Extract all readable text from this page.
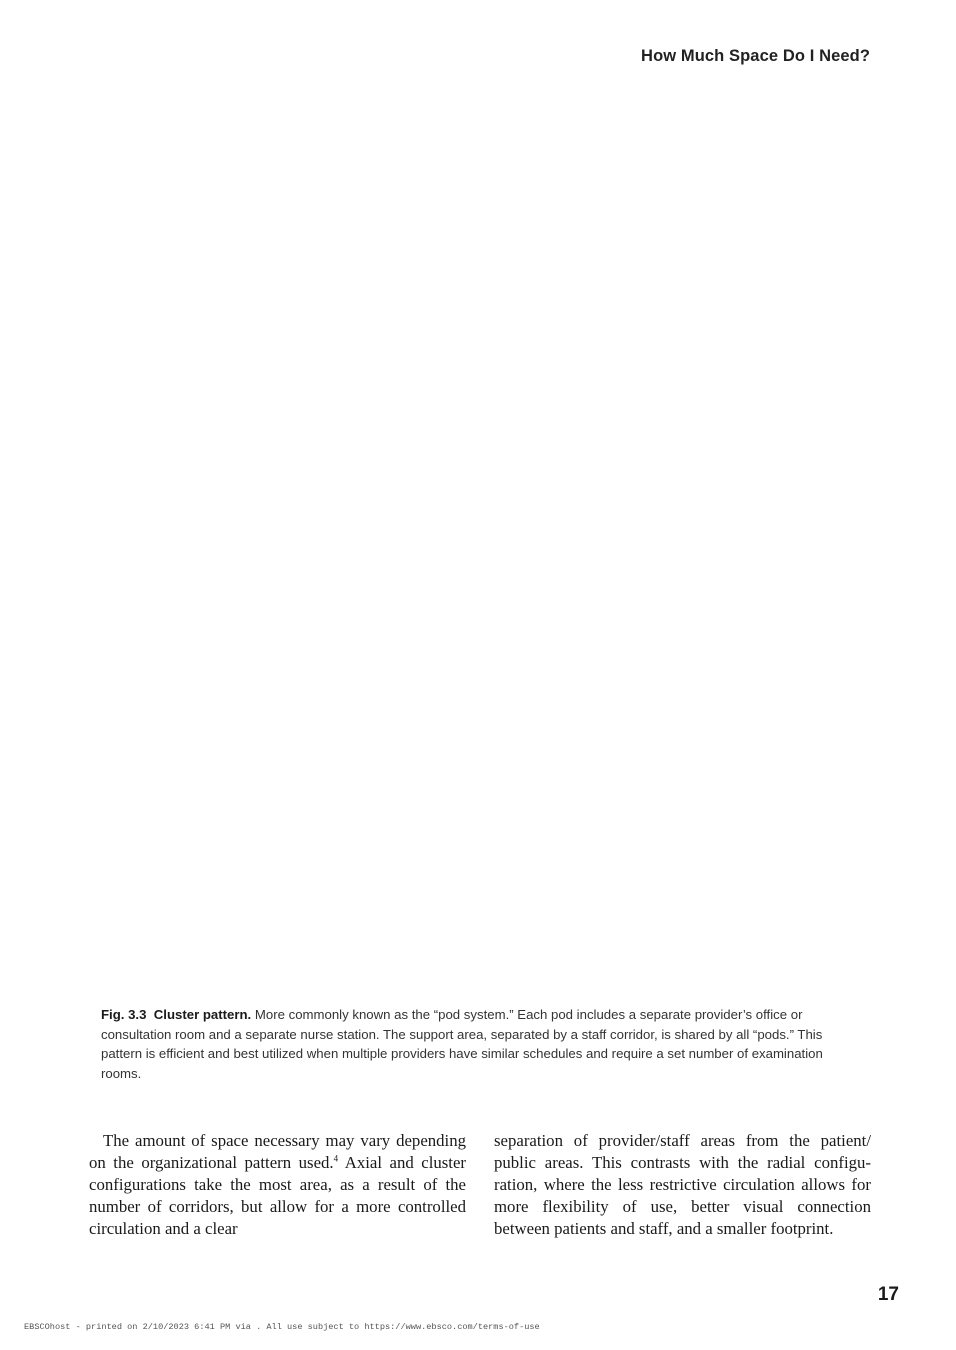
How Much Space Do I Need?
Fig. 3.3 Cluster pattern. More commonly known as the “pod system.” Each pod includes a separate provider’s office or consultation room and a separate nurse station. The support area, separated by a staff corridor, is shared by all “pods.” This pattern is efficient and best utilized when multiple providers have similar schedules and require a set number of examination rooms.
The amount of space necessary may vary depending on the organizational pattern used.$^4$ Axial and cluster configurations take the most area, as a result of the number of corridors, but allow for a more controlled circulation and a clear
separation of provider/staff areas from the patient/ public areas. This contrasts with the radial configuration, where the less restrictive circulation allows for more flexibility of use, better visual connection between patients and staff, and a smaller footprint.
17
EBSCOhost - printed on 2/10/2023 6:41 PM via . All use subject to https://www.ebsco.com/terms-of-use
